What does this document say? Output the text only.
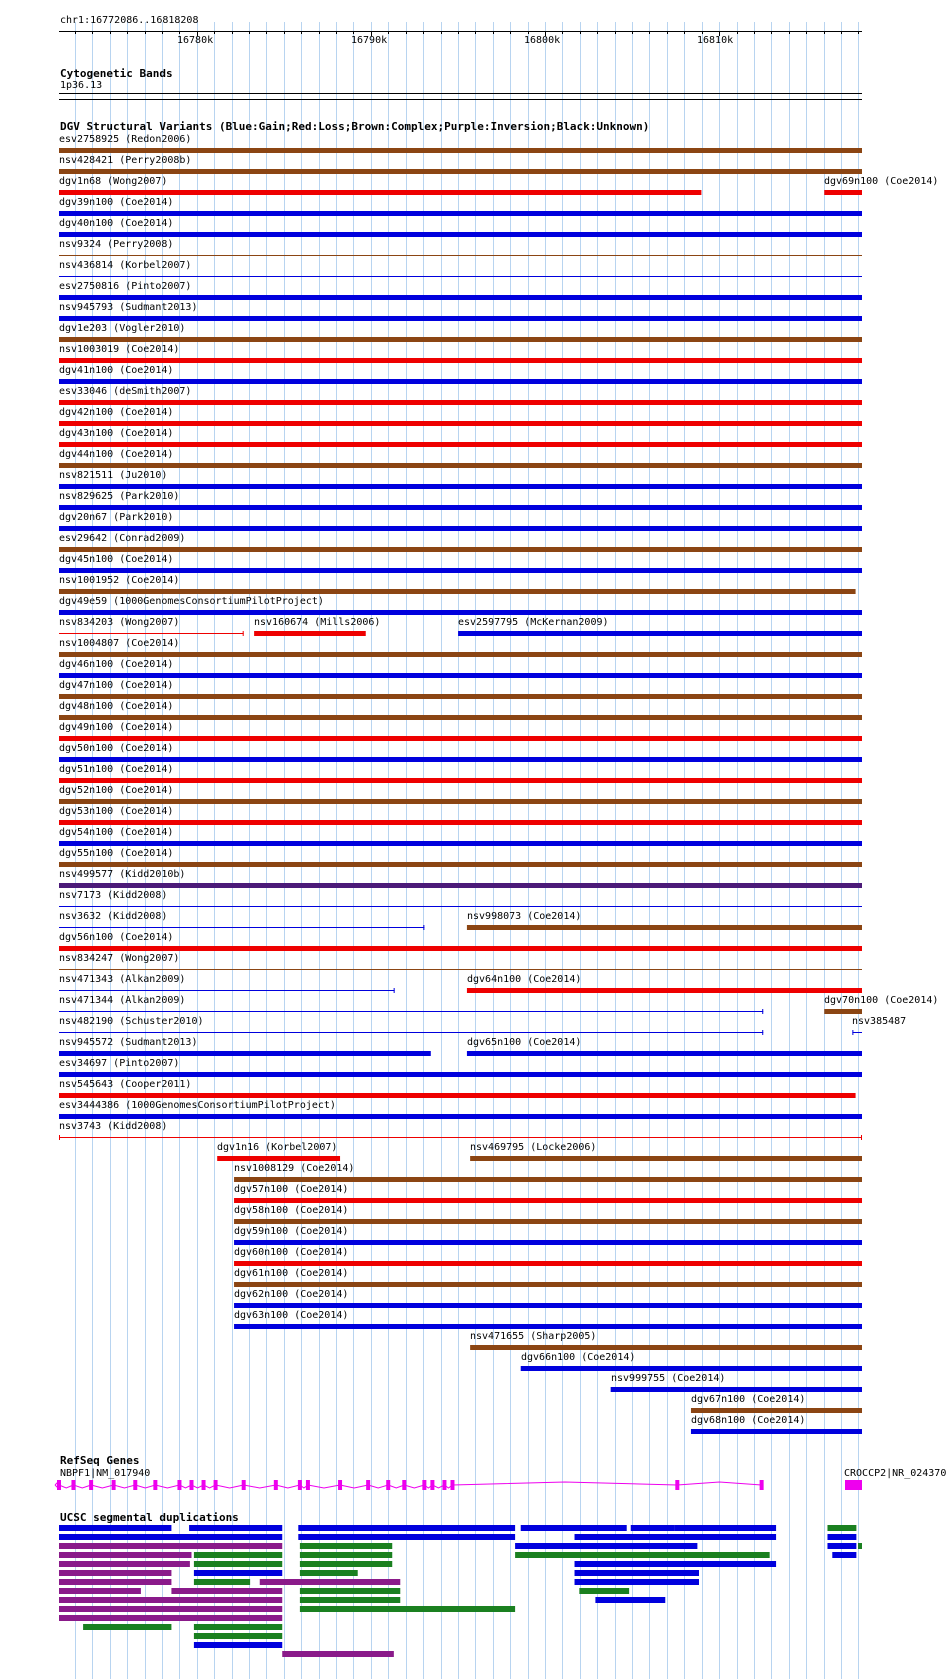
chr1:16772086..16818208
16780k	16790k	16800k	16810k
Cytogenetic Bands
1p36.13
DGV Structural Variants (Blue:Gain;Red:Loss;Brown:Complex;Purple:Inversion;Black:Unknown)
esv2758925 (Redon2006)
nsv428421 (Perry2008b)
dgv1n68 (Wong2007)	dgv69n100 (Coe2014)
dgv39n100 (Coe2014)
dgv40n100 (Coe2014)
nsv9324 (Perry2008)
nsv436814 (Korbel2007)
esv2750816 (Pinto2007)
nsv945793 (Sudmant2013)
dgv1e203 (Vogler2010)
nsv1003019 (Coe2014)
dgv41n100 (Coe2014)
esv33046 (deSmith2007)
dgv42n100 (Coe2014)
dgv43n100 (Coe2014)
dgv44n100 (Coe2014)
nsv821511 (Ju2010)
nsv829625 (Park2010)
dgv20n67 (Park2010)
esv29642 (Conrad2009)
dgv45n100 (Coe2014)
nsv1001952 (Coe2014)
dgv49e59 (1000GenomesConsortiumPilotProject)
nsv834203 (Wong2007)	nsv160674 (Mills2006)	esv2597795 (McKernan2009)
nsv1004807 (Coe2014)
dgv46n100 (Coe2014)
dgv47n100 (Coe2014)
dgv48n100 (Coe2014)
dgv49n100 (Coe2014)
dgv50n100 (Coe2014)
dgv51n100 (Coe2014)
dgv52n100 (Coe2014)
dgv53n100 (Coe2014)
dgv54n100 (Coe2014)
dgv55n100 (Coe2014)
nsv499577 (Kidd2010b)
nsv7173 (Kidd2008)
nsv3632 (Kidd2008)	nsv998073 (Coe2014)
dgv56n100 (Coe2014)
nsv834247 (Wong2007)
nsv471343 (Alkan2009)	dgv64n100 (Coe2014)
nsv471344 (Alkan2009)	dgv70n100 (Coe2014)
nsv482190 (Schuster2010)	nsv385487
nsv945572 (Sudmant2013)	dgv65n100 (Coe2014)
esv34697 (Pinto2007)
nsv545643 (Cooper2011)
esv3444386 (1000GenomesConsortiumPilotProject)
nsv3743 (Kidd2008)
dgv1n16 (Korbel2007)	nsv469795 (Locke2006)
nsv1008129 (Coe2014)
dgv57n100 (Coe2014)
dgv58n100 (Coe2014)
dgv59n100 (Coe2014)
dgv60n100 (Coe2014)
dgv61n100 (Coe2014)
dgv62n100 (Coe2014)
dgv63n100 (Coe2014)
nsv471655 (Sharp2005)
dgv66n100 (Coe2014)
nsv999755 (Coe2014)
dgv67n100 (Coe2014)
dgv68n100 (Coe2014)
RefSeq Genes
NBPF1|NM_017940	CROCCP2|NR_024370
UCSC segmental duplications
